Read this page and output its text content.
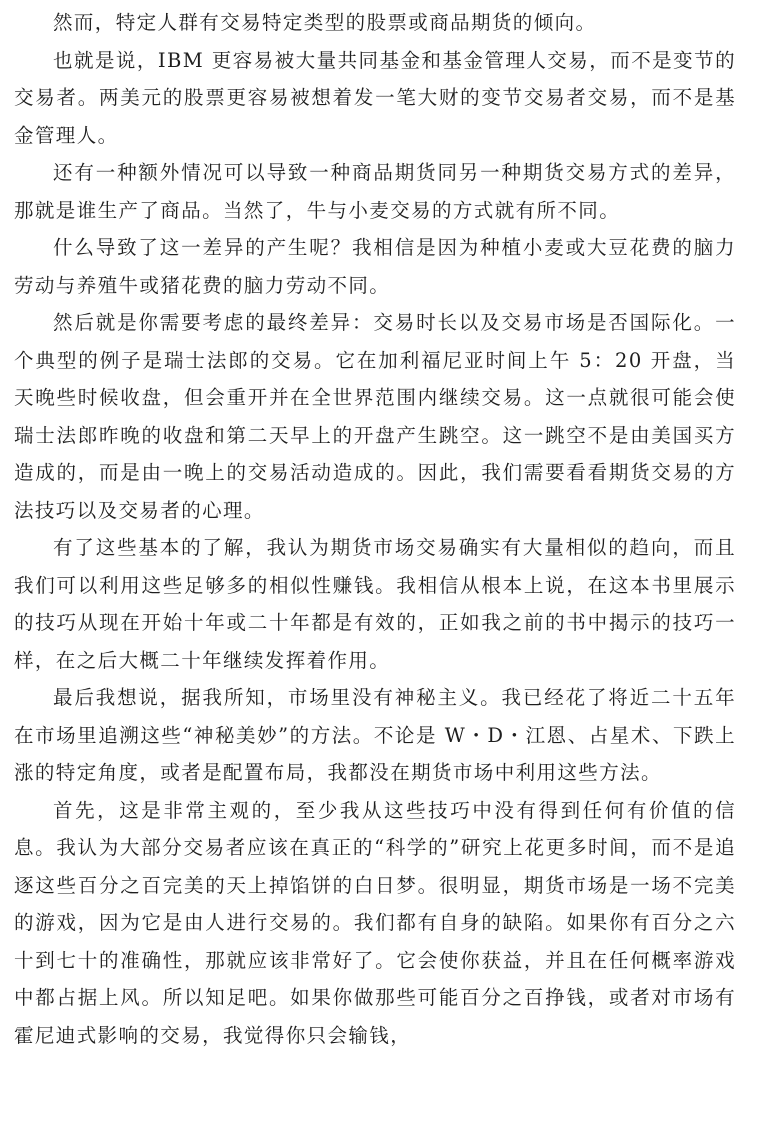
然而，特定人群有交易特定类型的股票或商品期货的倾向。

也就是说，IBM 更容易被大量共同基金和基金管理人交易，而不是变节的交易者。两美元的股票更容易被想着发一笔大财的变节交易者交易，而不是基金管理人。

还有一种额外情况可以导致一种商品期货同另一种期货交易方式的差异，那就是谁生产了商品。当然了，牛与小麦交易的方式就有所不同。

什么导致了这一差异的产生呢？我相信是因为种植小麦或大豆花费的脑力劳动与养殖牛或猪花费的脑力劳动不同。

然后就是你需要考虑的最终差异：交易时长以及交易市场是否国际化。一个典型的例子是瑞士法郎的交易。它在加利福尼亚时间上午 5：20 开盘，当天晚些时候收盘，但会重开并在全世界范围内继续交易。这一点就很可能会使瑞士法郎昨晚的收盘和第二天早上的开盘产生跳空。这一跳空不是由美国买方造成的，而是由一晚上的交易活动造成的。因此，我们需要看看期货交易的方法技巧以及交易者的心理。

有了这些基本的了解，我认为期货市场交易确实有大量相似的趋向，而且我们可以利用这些足够多的相似性赚钱。我相信从根本上说，在这本书里展示的技巧从现在开始十年或二十年都是有效的，正如我之前的书中揭示的技巧一样，在之后大概二十年继续发挥着作用。

最后我想说，据我所知，市场里没有神秘主义。我已经花了将近二十五年在市场里追溯这些“神秘美妙”的方法。不论是 W・D・江恩、占星术、下跌上涨的特定角度，或者是配置布局，我都没在期货市场中利用这些方法。

首先，这是非常主观的，至少我从这些技巧中没有得到任何有价值的信息。我认为大部分交易者应该在真正的“科学的”研究上花更多时间，而不是追逐这些百分之百完美的天上掉馅饼的白日梦。很明显，期货市场是一场不完美的游戏，因为它是由人进行交易的。我们都有自身的缺陷。如果你有百分之六十到七十的准确性，那就应该非常好了。它会使你获益，并且在任何概率游戏中都占据上风。所以知足吧。如果你做那些可能百分之百挣钱，或者对市场有霍尼迪式影响的交易，我觉得你只会输钱，
